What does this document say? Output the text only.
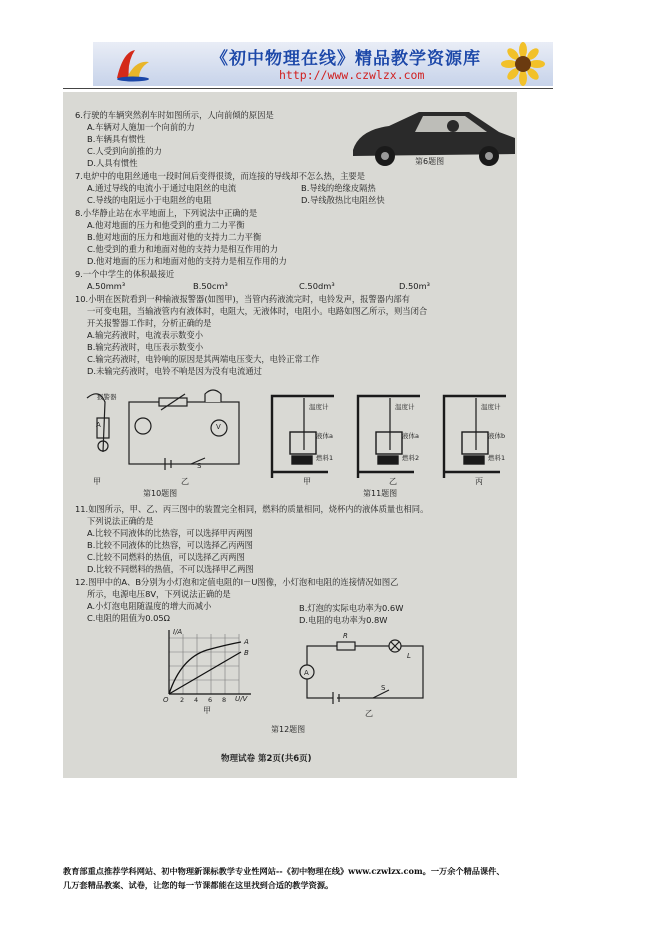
《初中物理在线》精品教学资源库
http://www.czwlzx.com
6.行驶的车辆突然刹车时如图所示，人向前倾的原因是
A.车辆对人施加一个向前的力
B.车辆具有惯性
C.人受到向前推的力
D.人具有惯性	第6题图
7.电炉中的电阻丝通电一段时间后变得很烫，而连接的导线却不怎么热，主要是
A.通过导线的电流小于通过电阻丝的电流	B.导线的绝缘皮隔热
C.导线的电阻远小于电阻丝的电阻	D.导线散热比电阻丝快
8.小华静止站在水平地面上，下列说法中正确的是
A.他对地面的压力和他受到的重力二力平衡
B.他对地面的压力和地面对他的支持力二力平衡
C.他受到的重力和地面对他的支持力是相互作用的力
D.他对地面的压力和地面对他的支持力是相互作用的力
9.一个中学生的体积最接近
A.50mm³	B.50cm³	C.50dm³	D.50m³
10.小明在医院看到一种输液报警器(如图甲)，当管内药液流完时，电铃发声，报警器内部有
一可变电阻，当输液管内有液体时，电阻大，无液体时，电阻小。电路如图乙所示，则当闭合
开关报警器工作时，分析正确的是
A.输完药液时，电流表示数变小
B.输完药液时，电压表示数变小
C.输完药液时，电铃响的原因是其两端电压变大，电铃正常工作
D.未输完药液时，电铃不响是因为没有电流通过
A	V
报警器
S
甲	乙
第10题图
温度计	温度计	温度计
液体a	液体a	液体b
燃料1	燃料2	燃料1
甲	乙	丙
第11题图
11.如图所示，甲、乙、丙三图中的装置完全相同，燃料的质量相同，烧杯内的液体质量也相同。
下列说法正确的是
A.比较不同液体的比热容，可以选择甲丙两图
B.比较不同液体的比热容，可以选择乙丙两图
C.比较不同燃料的热值，可以选择乙丙两图
D.比较不同燃料的热值，不可以选择甲乙两图
12.图甲中的A、B分别为小灯泡和定值电阻的I－U图像，小灯泡和电阻的连接情况如图乙
所示，电源电压8V，下列说法正确的是
A.小灯泡电阻随温度的增大而减小	B.灯泡的实际电功率为0.6W
C.电阻的阻值为0.05Ω	D.电阻的电功率为0.8W
I/A
A
B
O 2 4 6 8 U/V
甲
R
L
A
S
乙
第12题图
物理试卷 第2页(共6页)
教育部重点推荐学科网站、初中物理新课标教学专业性网站--《初中物理在线》www.czwlzx.com。一万余个精品课件、
几万套精品教案、试卷，让您的每一节课都能在这里找到合适的教学资源。
